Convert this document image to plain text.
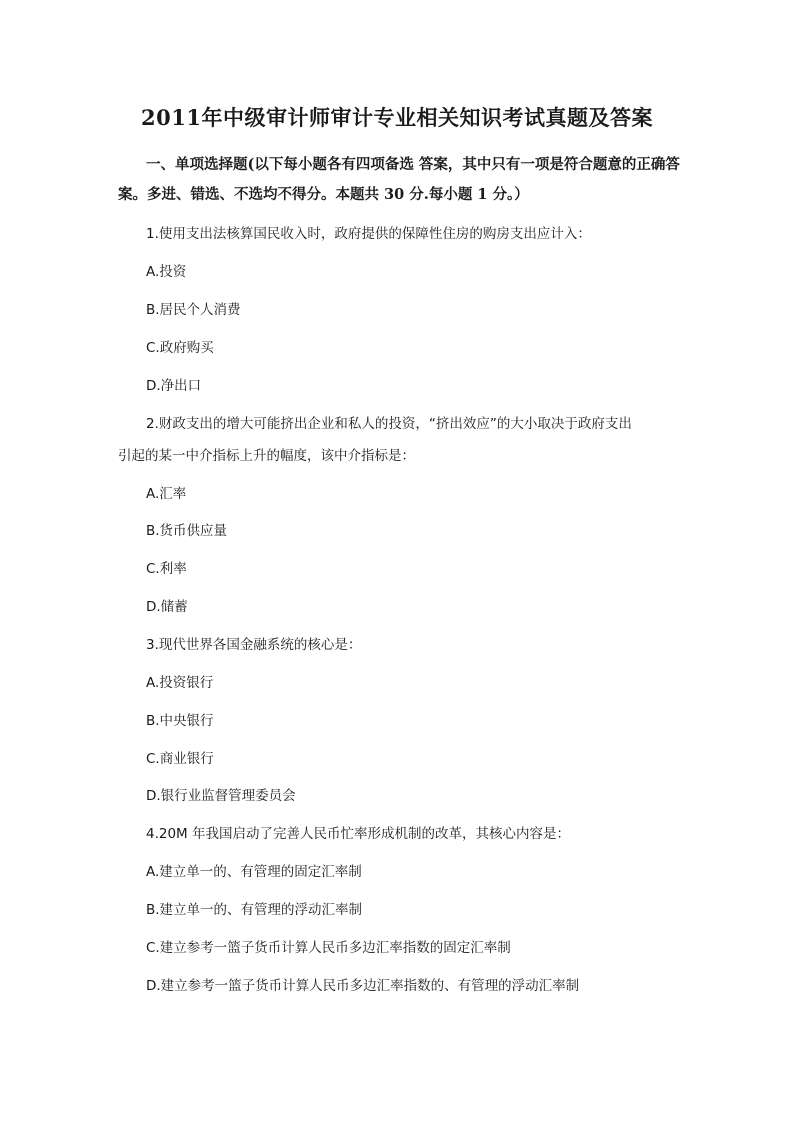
2011年中级审计师审计专业相关知识考试真题及答案
一、单项选择题(以下每小题各有四项备选 答案，其中只有一项是符合题意的正确答
案。多进、错选、不选均不得分。本题共 30 分.每小题 1 分。）
1.使用支出法核算国民收入时，政府提供的保障性住房的购房支出应计入：
A.投资
B.居民个人消费
C.政府购买
D.净出口
2.财政支出的增大可能挤出企业和私人的投资，“挤出效应”的大小取决于政府支出
引起的某一中介指标上升的幅度，该中介指标是：
A.汇率
B.货币供应量
C.利率
D.储蓄
3.现代世界各国金融系统的核心是：
A.投资银行
B.中央银行
C.商业银行
D.银行业监督管理委员会
4.20M 年我国启动了完善人民币忙率形成机制的改革，其核心内容是：
A.建立单一的、有管理的固定汇率制
B.建立单一的、有管理的浮动汇率制
C.建立参考一篮子货币计算人民币多边汇率指数的固定汇率制
D.建立参考一篮子货币计算人民币多边汇率指数的、有管理的浮动汇率制
